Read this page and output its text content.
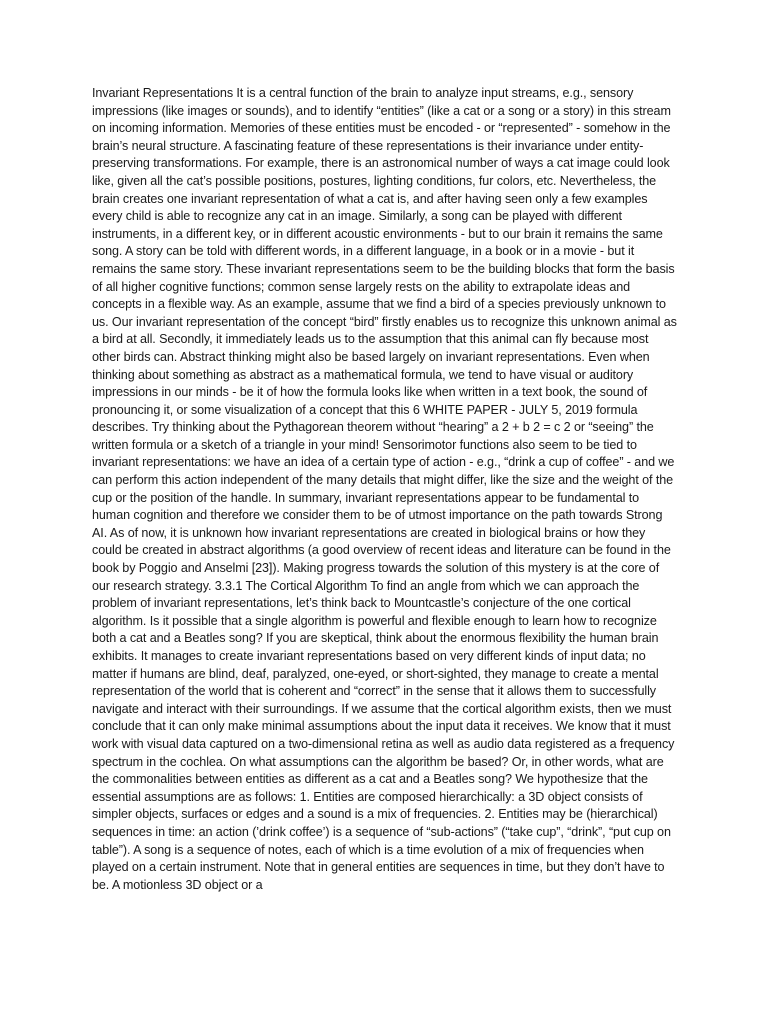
Invariant Representations It is a central function of the brain to analyze input streams, e.g., sensory impressions (like images or sounds), and to identify “entities” (like a cat or a song or a story) in this stream on incoming information. Memories of these entities must be encoded - or “represented” - somehow in the brain’s neural structure. A fascinating feature of these representations is their invariance under entity-preserving transformations. For example, there is an astronomical number of ways a cat image could look like, given all the cat’s possible positions, postures, lighting conditions, fur colors, etc. Nevertheless, the brain creates one invariant representation of what a cat is, and after having seen only a few examples every child is able to recognize any cat in an image. Similarly, a song can be played with different instruments, in a different key, or in different acoustic environments - but to our brain it remains the same song. A story can be told with different words, in a different language, in a book or in a movie - but it remains the same story. These invariant representations seem to be the building blocks that form the basis of all higher cognitive functions; common sense largely rests on the ability to extrapolate ideas and concepts in a flexible way. As an example, assume that we find a bird of a species previously unknown to us. Our invariant representation of the concept “bird” firstly enables us to recognize this unknown animal as a bird at all. Secondly, it immediately leads us to the assumption that this animal can fly because most other birds can. Abstract thinking might also be based largely on invariant representations. Even when thinking about something as abstract as a mathematical formula, we tend to have visual or auditory impressions in our minds - be it of how the formula looks like when written in a text book, the sound of pronouncing it, or some visualization of a concept that this 6 WHITE PAPER - JULY 5, 2019 formula describes. Try thinking about the Pythagorean theorem without “hearing” a 2 + b 2 = c 2 or “seeing” the written formula or a sketch of a triangle in your mind! Sensorimotor functions also seem to be tied to invariant representations: we have an idea of a certain type of action - e.g., “drink a cup of coffee” - and we can perform this action independent of the many details that might differ, like the size and the weight of the cup or the position of the handle. In summary, invariant representations appear to be fundamental to human cognition and therefore we consider them to be of utmost importance on the path towards Strong AI. As of now, it is unknown how invariant representations are created in biological brains or how they could be created in abstract algorithms (a good overview of recent ideas and literature can be found in the book by Poggio and Anselmi [23]). Making progress towards the solution of this mystery is at the core of our research strategy. 3.3.1 The Cortical Algorithm To find an angle from which we can approach the problem of invariant representations, let’s think back to Mountcastle’s conjecture of the one cortical algorithm. Is it possible that a single algorithm is powerful and flexible enough to learn how to recognize both a cat and a Beatles song? If you are skeptical, think about the enormous flexibility the human brain exhibits. It manages to create invariant representations based on very different kinds of input data; no matter if humans are blind, deaf, paralyzed, one-eyed, or short-sighted, they manage to create a mental representation of the world that is coherent and “correct” in the sense that it allows them to successfully navigate and interact with their surroundings. If we assume that the cortical algorithm exists, then we must conclude that it can only make minimal assumptions about the input data it receives. We know that it must work with visual data captured on a two-dimensional retina as well as audio data registered as a frequency spectrum in the cochlea. On what assumptions can the algorithm be based? Or, in other words, what are the commonalities between entities as different as a cat and a Beatles song? We hypothesize that the essential assumptions are as follows: 1. Entities are composed hierarchically: a 3D object consists of simpler objects, surfaces or edges and a sound is a mix of frequencies. 2. Entities may be (hierarchical) sequences in time: an action (’drink coffee’) is a sequence of “sub-actions” (“take cup”, “drink”, “put cup on table”). A song is a sequence of notes, each of which is a time evolution of a mix of frequencies when played on a certain instrument. Note that in general entities are sequences in time, but they don’t have to be. A motionless 3D object or a
